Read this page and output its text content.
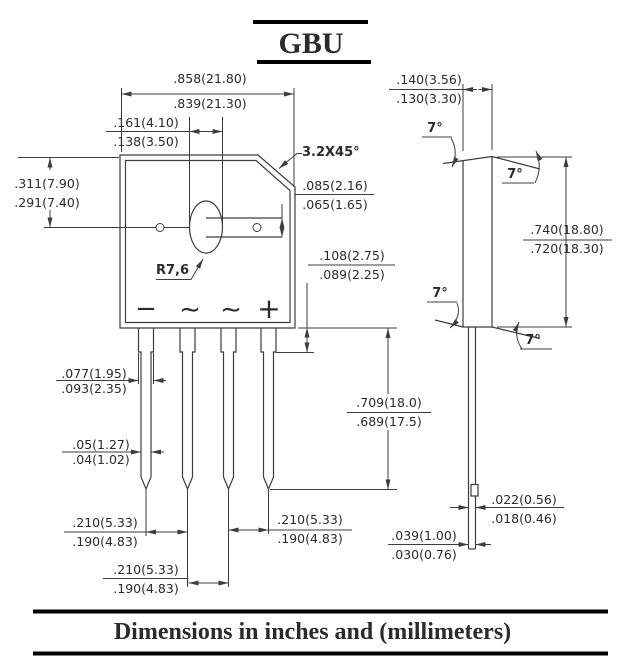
GBU
.858(21.80)
.839(21.30)
.161(4.10)
.138(3.50)
.311(7.90)
.291(7.40)
3.2X45°
.085(2.16)
.065(1.65)
R7,6
.108(2.75)
.089(2.25)
− ∼ ∼ +
.077(1.95)
.093(2.35)
.05(1.27)
.04(1.02)
.709(18.0)
.689(17.5)
.210(5.33)
.190(4.83)
.210(5.33)
.190(4.83)
.210(5.33)
.190(4.83)
.140(3.56)
.130(3.30)
.740(18.80)
.720(18.30)
.022(0.56)
.018(0.46)
.039(1.00)
.030(0.76)
7°
7°
7°
7°
Dimensions in inches and (millimeters)
